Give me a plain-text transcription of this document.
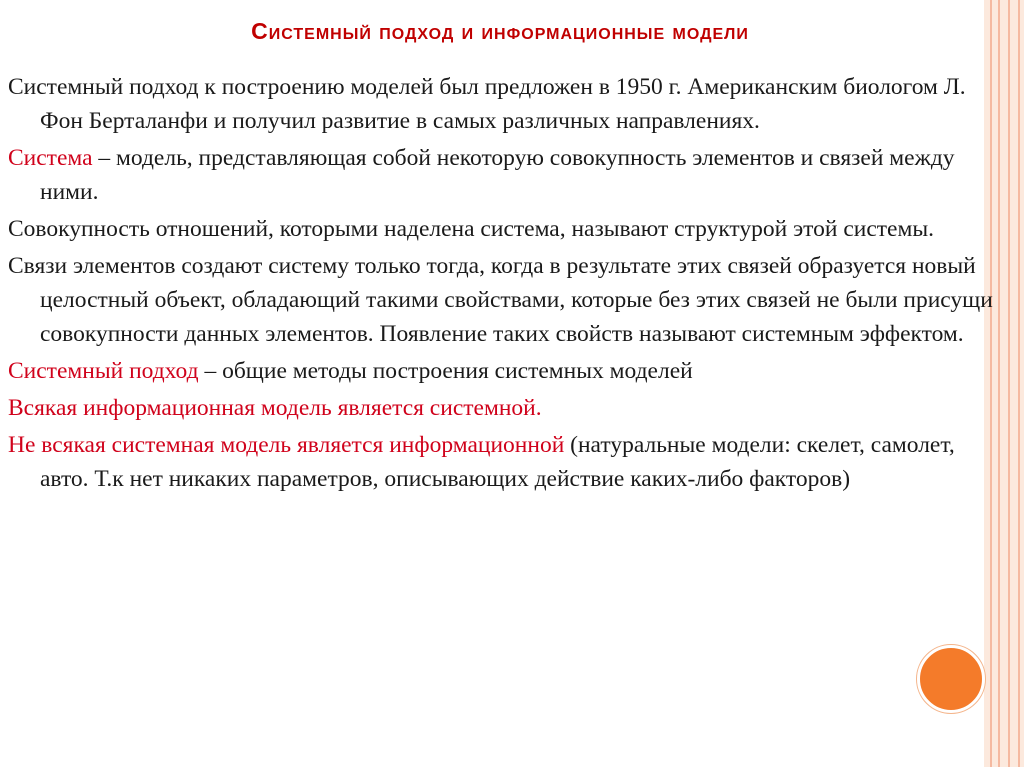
Системный подход и информационные модели
Системный подход к построению моделей был предложен в 1950 г. Американским биологом Л. Фон Берталанфи и получил развитие в самых различных направлениях.
Система – модель, представляющая собой некоторую совокупность элементов и связей между ними.
Совокупность отношений, которыми наделена система, называют структурой этой системы.
Связи элементов создают систему только тогда, когда в результате этих связей образуется новый целостный объект, обладающий такими свойствами, которые без этих связей не были присущи совокупности данных элементов. Появление таких свойств называют системным эффектом.
Системный подход – общие методы построения системных моделей
Всякая информационная модель является системной.
Не всякая системная модель является информационной (натуральные модели: скелет, самолет, авто. Т.к нет никаких параметров, описывающих действие каких-либо факторов)
